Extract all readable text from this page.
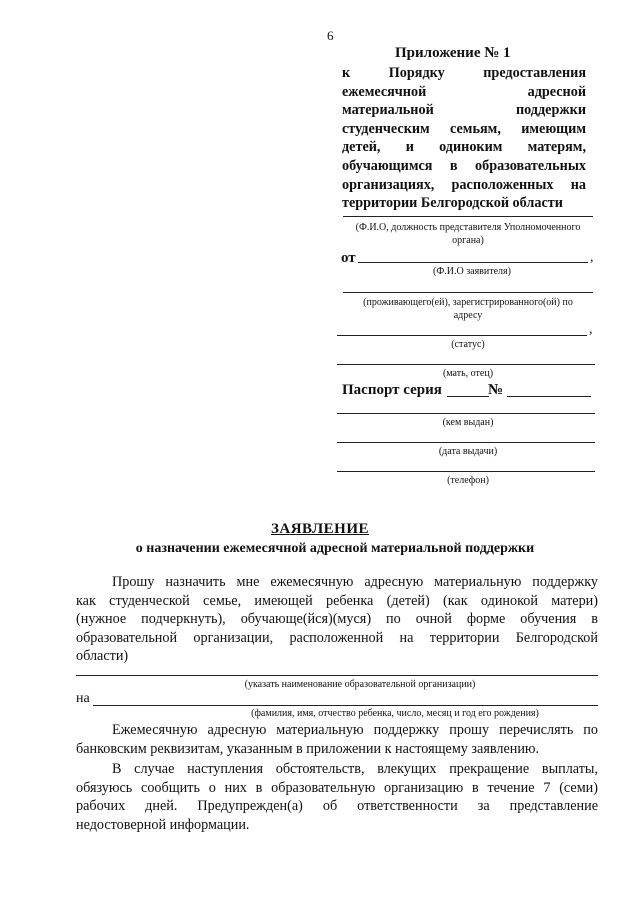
6
Приложение № 1
к Порядку предоставления
ежемесячной адресной
материальной поддержки
студенческим семьям, имеющим
детей, и одиноким матерям,
обучающимся в образовательных
организациях, расположенных на
территории Белгородской области
(Ф.И.О, должность представителя Уполномоченного
органа)
от	,
(Ф.И.О заявителя)
(проживающего(ей), зарегистрированного(ой) по
адресу
,
(статус)
(мать, отец)
Паспорт серия	№
(кем выдан)
(дата выдачи)
(телефон)
ЗАЯВЛЕНИЕ
о назначении ежемесячной адресной материальной поддержки
Прошу назначить мне ежемесячную адресную материальную поддержку
как студенческой семье, имеющей ребенка (детей) (как одинокой матери)
(нужное подчеркнуть), обучающе(йся)(муся) по очной форме обучения в
образовательной организации, расположенной на территории Белгородской
области)
(указать наименование образовательной организации)
на
(фамилия, имя, отчество ребенка, число, месяц и год его рождения)
Ежемесячную адресную материальную поддержку прошу перечислять по
банковским реквизитам, указанным в приложении к настоящему заявлению.
В случае наступления обстоятельств, влекущих прекращение выплаты,
обязуюсь сообщить о них в образовательную организацию в течение 7 (семи)
рабочих дней. Предупрежден(а) об ответственности за представление
недостоверной информации.
